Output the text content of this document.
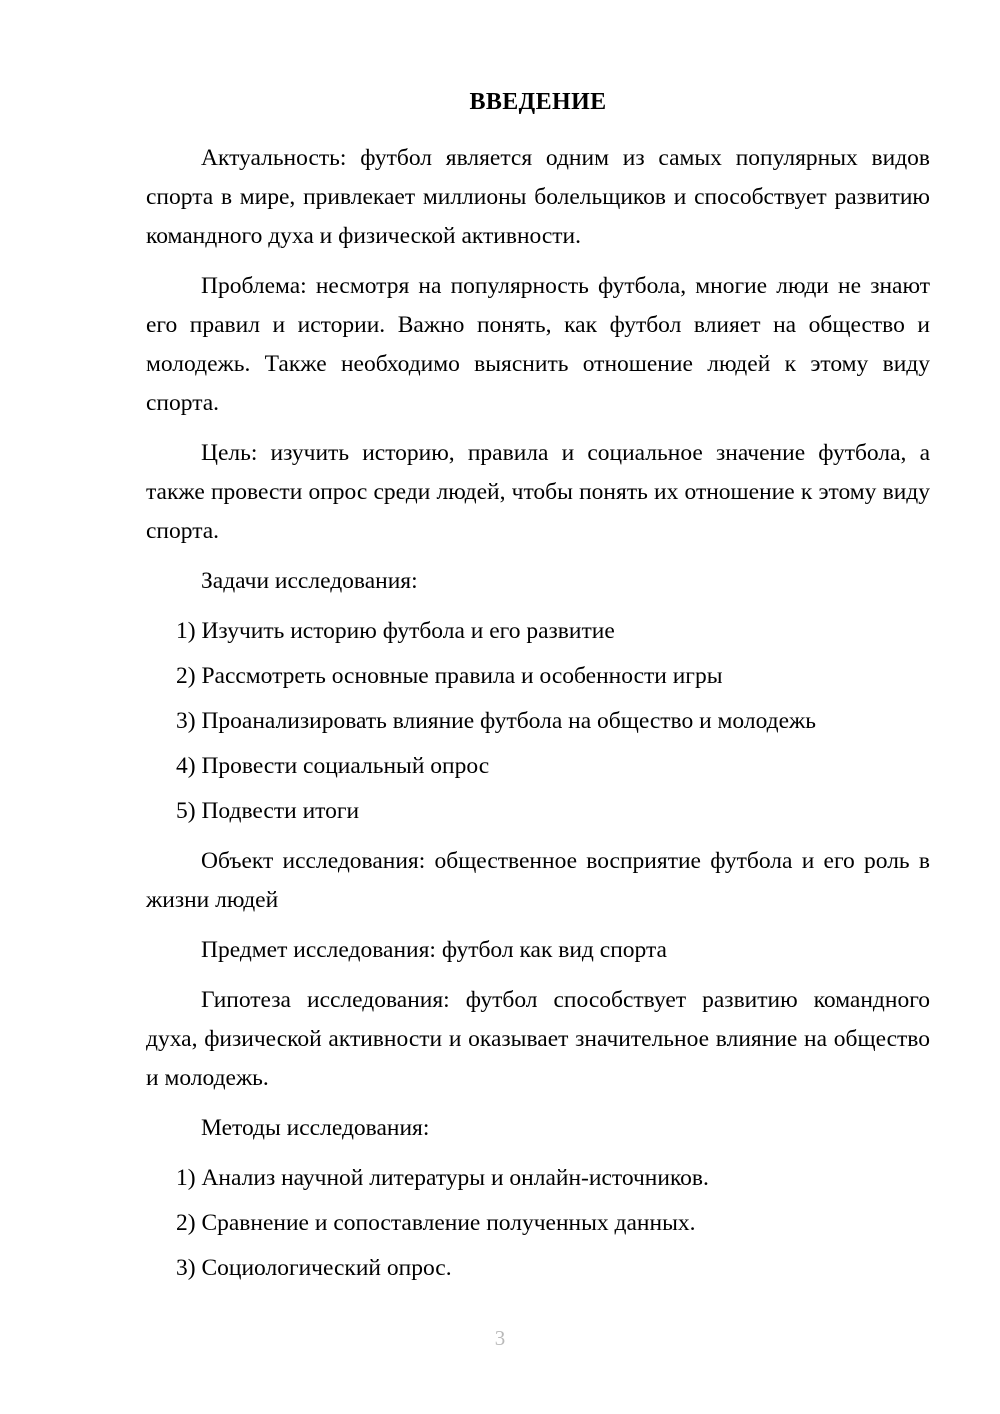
ВВЕДЕНИЕ

Актуальность: футбол является одним из самых популярных видов спорта в мире, привлекает миллионы болельщиков и способствует развитию командного духа и физической активности.

Проблема: несмотря на популярность футбола, многие люди не знают его правил и истории. Важно понять, как футбол влияет на общество и молодежь. Также необходимо выяснить отношение людей к этому виду спорта.

Цель: изучить историю, правила и социальное значение футбола, а также провести опрос среди людей, чтобы понять их отношение к этому виду спорта.

Задачи исследования:

1) Изучить историю футбола и его развитие
2) Рассмотреть основные правила и особенности игры
3) Проанализировать влияние футбола на общество и молодежь
4) Провести социальный опрос
5) Подвести итоги

Объект исследования: общественное восприятие футбола и его роль в жизни людей

Предмет исследования: футбол как вид спорта

Гипотеза исследования: футбол способствует развитию командного духа, физической активности и оказывает значительное влияние на общество и молодежь.

Методы исследования:

1) Анализ научной литературы и онлайн-источников.
2) Сравнение и сопоставление полученных данных.
3) Социологический опрос.
3
